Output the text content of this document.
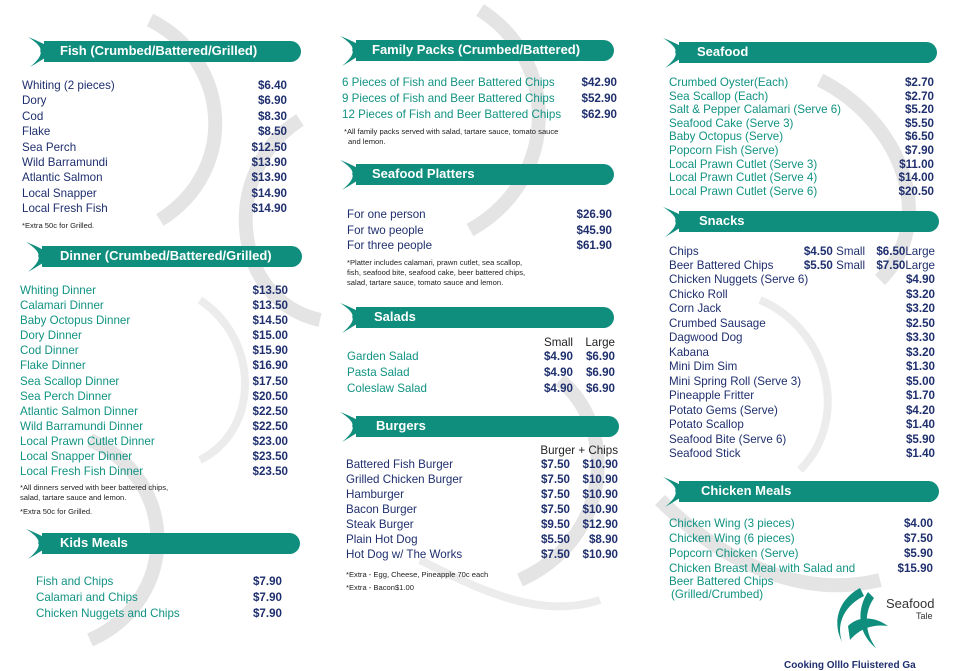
Fish (Crumbed/Battered/Grilled)
Whiting (2 pieces)	$6.40
Dory	$6.90
Cod	$8.30
Flake	$8.50
Sea Perch	$12.50
Wild Barramundi	$13.90
Atlantic Salmon	$13.90
Local Snapper	$14.90
Local Fresh Fish	$14.90
*Extra 50c for Grilled.
Dinner (Crumbed/Battered/Grilled)
Whiting Dinner	$13.50
Calamari Dinner	$13.50
Baby Octopus Dinner	$14.50
Dory Dinner	$15.00
Cod Dinner	$15.90
Flake Dinner	$16.90
Sea Scallop Dinner	$17.50
Sea Perch Dinner	$20.50
Atlantic Salmon Dinner	$22.50
Wild Barramundi Dinner	$22.50
Local Prawn Cutlet Dinner	$23.00
Local Snapper Dinner	$23.50
Local Fresh Fish Dinner	$23.50
*All dinners served with beer battered chips,
salad, tartare sauce and lemon.
*Extra 50c for Grilled.
Kids Meals
Fish and Chips	$7.90
Calamari and Chips	$7.90
Chicken Nuggets and Chips	$7.90
Family Packs (Crumbed/Battered)
6 Pieces of Fish and Beer Battered Chips $42.90
9 Pieces of Fish and Beer Battered Chips $52.90
12 Pieces of Fish and Beer Battered Chips $62.90
*All family packs served with salad, tartare sauce, tomato sauce
and lemon.
Seafood Platters
For one person	$26.90
For two people	$45.90
For three people	$61.90
*Platter includes calamari, prawn cutlet, sea scallop,
fish, seafood bite, seafood cake, beer battered chips,
salad, tartare sauce, tomato sauce and lemon.
Salads
Small	Large
Garden Salad	$4.90 $6.90
Pasta Salad	$4.90 $6.90
Coleslaw Salad	$4.90 $6.90
Burgers
Burger + Chips
Battered Fish Burger	$7.50 $10.90
Grilled Chicken Burger	$7.50 $10.90
Hamburger	$7.50 $10.90
Bacon Burger	$7.50 $10.90
Steak Burger	$9.50 $12.90
Plain Hot Dog	$5.50 $8.90
Hot Dog w/ The Works	$7.50 $10.90
*Extra - Egg, Cheese, Pineapple 70c each
*Extra - Bacon$1.00
Seafood
Crumbed Oyster(Each)	$2.70
Sea Scallop (Each)	$2.70
Salt & Pepper Calamari (Serve 6)	$5.20
Seafood Cake (Serve 3)	$5.50
Baby Octopus (Serve)	$6.50
Popcorn Fish (Serve)	$7.90
Local Prawn Cutlet (Serve 3)	$11.00
Local Prawn Cutlet (Serve 4)	$14.00
Local Prawn Cutlet (Serve 6)	$20.50
Snacks
Chips	$4.50 Small $6.50Large
Beer Battered Chips	$5.50 Small $7.50Large
Chicken Nuggets (Serve 6)	$4.90
Chicko Roll	$3.20
Corn Jack	$3.20
Crumbed Sausage	$2.50
Dagwood Dog	$3.30
Kabana	$3.20
Mini Dim Sim	$1.30
Mini Spring Roll (Serve 3)	$5.00
Pineapple Fritter	$1.70
Potato Gems (Serve)	$4.20
Potato Scallop	$1.40
Seafood Bite (Serve 6)	$5.90
Seafood Stick	$1.40
Chicken Meals
Chicken Wing (3 pieces)	$4.00
Chicken Wing (6 pieces)	$7.50
Popcorn Chicken (Serve)	$5.90
Chicken Breast Meal with Salad and	$15.90
Beer Battered Chips
(Grilled/Crumbed)
Seafood
Tale
Cooking Olllo Fluistered Ga
